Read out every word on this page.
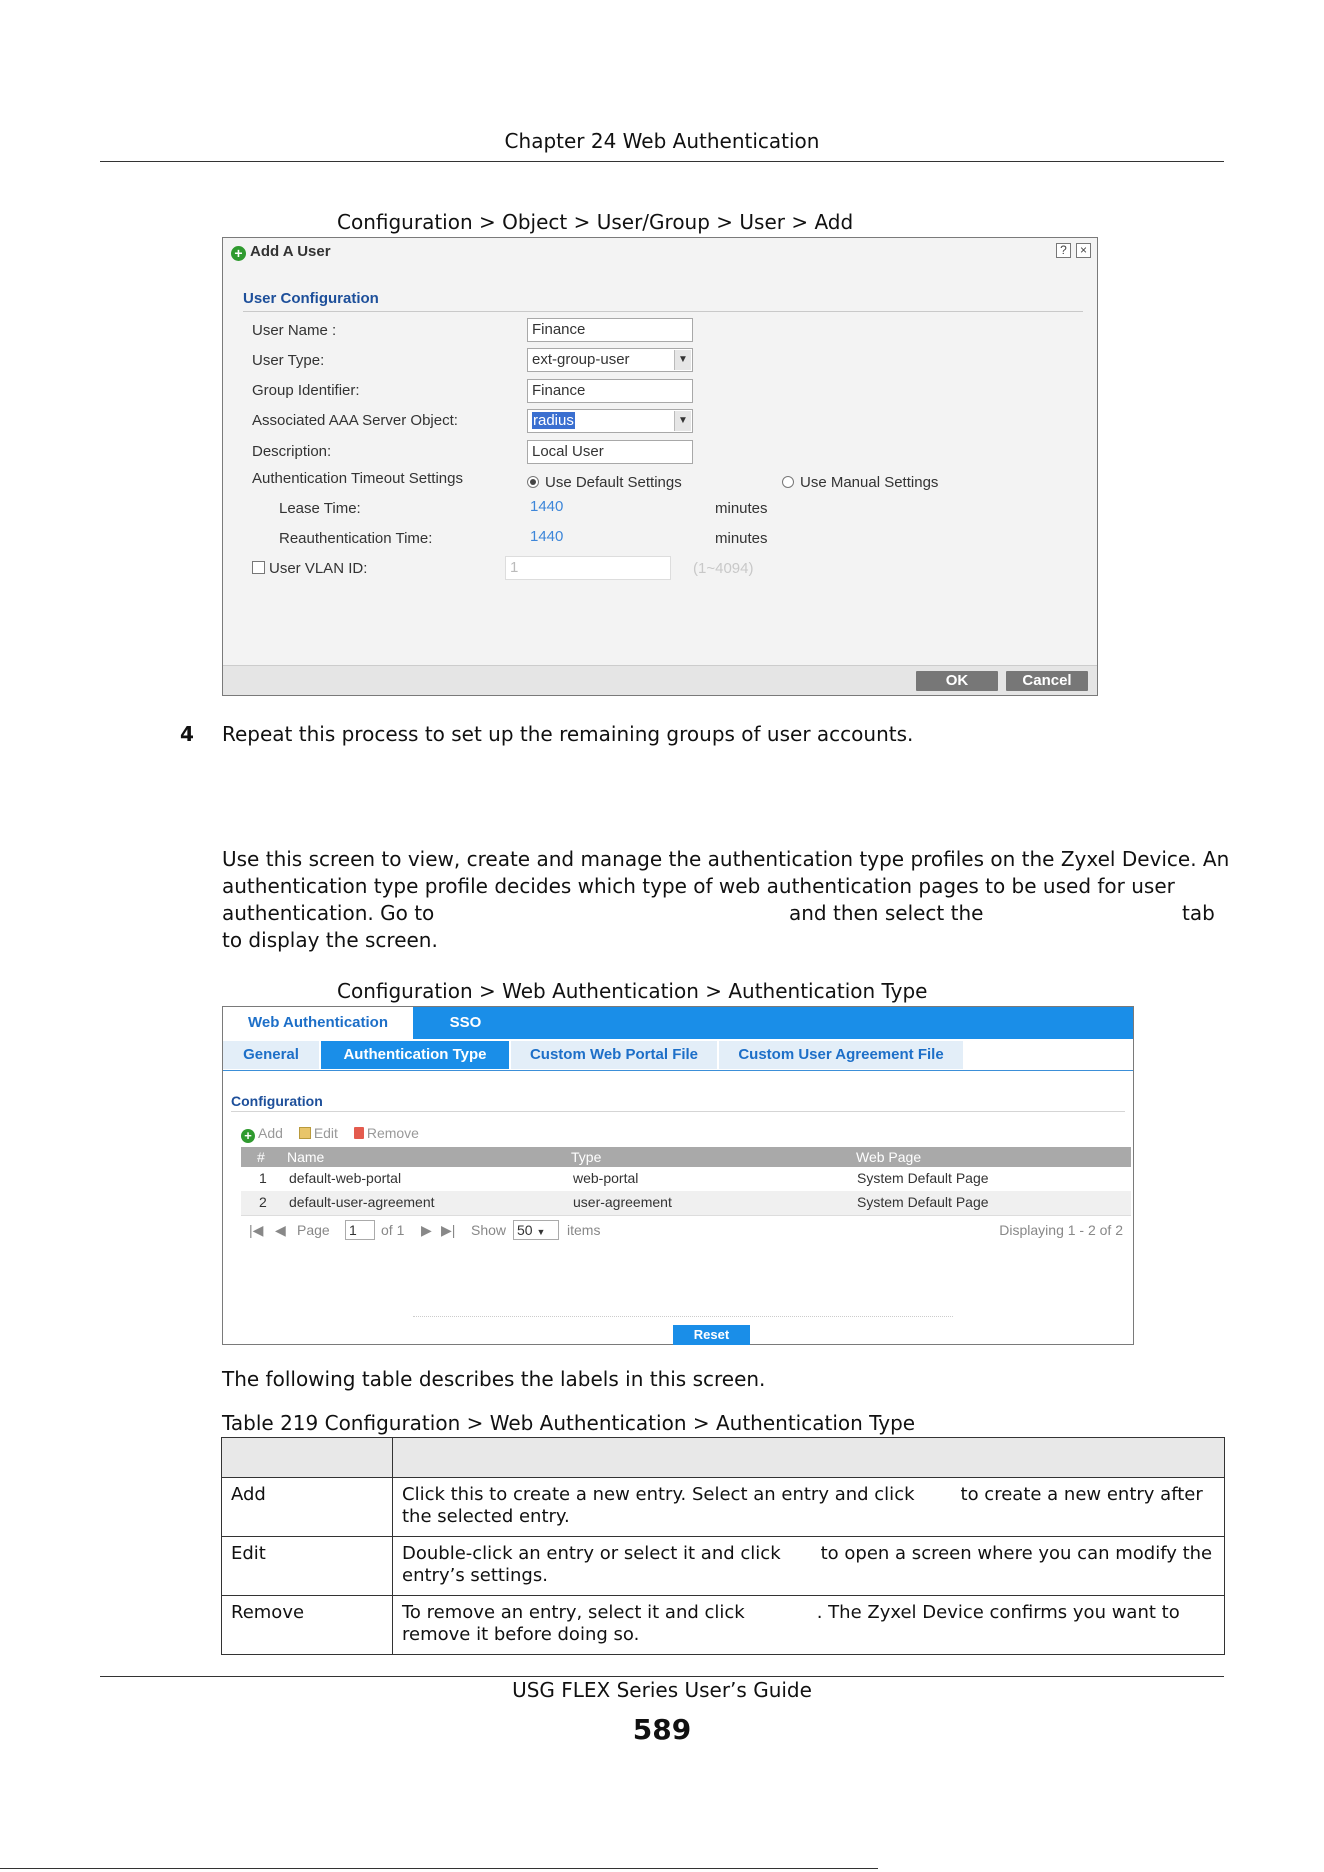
Chapter 24 Web Authentication
Configuration > Object > User/Group > User > Add
+ Add A User	?	×
User Configuration
User Name :	Finance
User Type:	ext-group-user	▼
Group Identifier:	Finance
Associated AAA Server Object:	radius	▼
Description:	Local User
Authentication Timeout Settings	Use Default Settings	Use Manual Settings
Lease Time:	1440	minutes
Reauthentication Time:	1440	minutes
User VLAN ID:	1	(1~4094)
OK	Cancel
4 Repeat this process to set up the remaining groups of user accounts.
Use this screen to view, create and manage the authentication type profiles on the Zyxel Device. An
authentication type profile decides which type of web authentication pages to be used for user
authentication. Go to	and then select the	tab
to display the screen.
Configuration > Web Authentication > Authentication Type
Web Authentication	SSO
General	Authentication Type	Custom Web Portal File	Custom User Agreement File
Configuration
+ Add Edit Remove
# Name	Type	Web Page
1 default-web-portal	web-portal	System Default Page
2 default-user-agreement	user-agreement	System Default Page
|◀ ◀ Page 1	of 1 ▶ ▶| Show 50 ▼	items	Displaying 1 - 2 of 2
Reset
The following table describes the labels in this screen.
Table 219 Configuration > Web Authentication > Authentication Type

Add	Click this to create a new entry. Select an entry and click to create a new entry after the selected entry.
Edit	Double-click an entry or select it and click to open a screen where you can modify the entry’s settings.
Remove	To remove an entry, select it and click . The Zyxel Device confirms you want to remove it before doing so.
USG FLEX Series User’s Guide
589
